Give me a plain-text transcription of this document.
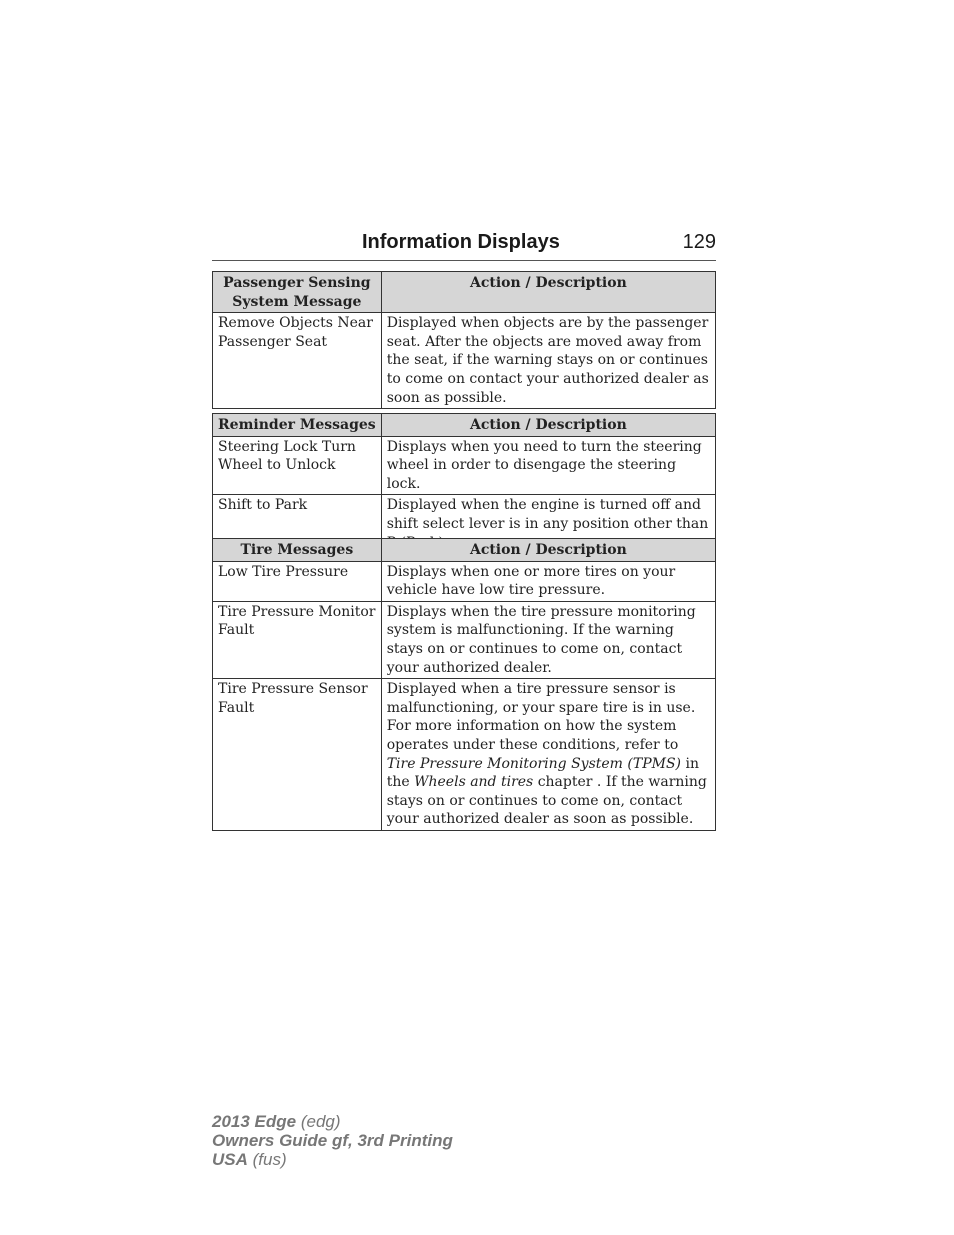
Information Displays	129
Passenger Sensing System Message	Action / Description
Remove Objects Near Passenger Seat	Displayed when objects are by the passenger seat. After the objects are moved away from the seat, if the warning stays on or continues to come on contact your authorized dealer as soon as possible.
Reminder Messages	Action / Description
Steering Lock Turn Wheel to Unlock	Displays when you need to turn the steering wheel in order to disengage the steering lock.
Shift to Park	Displayed when the engine is turned off and shift select lever is in any position other than
Tire Messages	Action / Description
Low Tire Pressure	Displays when one or more tires on your vehicle have low tire pressure.
Tire Pressure Monitor Fault	Displays when the tire pressure monitoring system is malfunctioning. If the warning stays on or continues to come on, contact your authorized dealer.
Tire Pressure Sensor Fault	Displayed when a tire pressure sensor is malfunctioning, or your spare tire is in use. For more information on how the system operates under these conditions, refer to Tire Pressure Monitoring System (TPMS) in the Wheels and tires chapter . If the warning stays on or continues to come on, contact your authorized dealer as soon as possible.
2013 Edge (edg)
Owners Guide gf, 3rd Printing
USA (fus)
